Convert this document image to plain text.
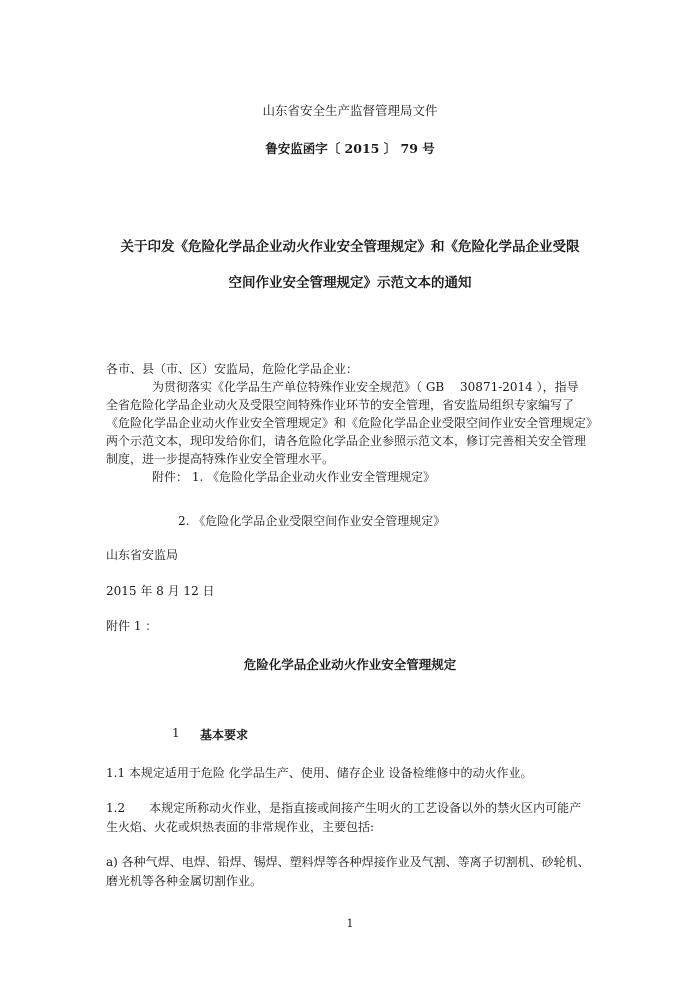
山东省安全生产监督管理局文件
鲁安监函字〔 2015 〕 79 号
关于印发《危险化学品企业动火作业安全管理规定》和《危险化学品企业受限
空间作业安全管理规定》示范文本的通知

各市、县（市、区）安监局，危险化学品企业：

为贯彻落实《化学品生产单位特殊作业安全规范》（ GB　 30871-2014 ），指导

全省危险化学品企业动火及受限空间特殊作业环节的安全管理，省安监局组织专家编写了

《危险化学品企业动火作业安全管理规定》和《危险化学品企业受限空间作业安全管理规定》

两个示范文本，现印发给你们，请各危险化学品企业参照示范文本，修订完善相关安全管理

制度，进一步提高特殊作业安全管理水平。

附件： 1. 《危险化学品企业动火作业安全管理规定》

2. 《危险化学品企业受限空间作业安全管理规定》
山东省安监局
2015 年 8 月 12 日
附件 1 ：
危险化学品企业动火作业安全管理规定
1 基本要求
1.1 本规定适用于危险 化学品生产、使用、储存企业 设备检维修中的动火作业。
1.2　　本规定所称动火作业，是指直接或间接产生明火的工艺设备以外的禁火区内可能产
生火焰、火花或炽热表面的非常规作业，主要包括:
a) 各种气焊、电焊、铅焊、锡焊、塑料焊等各种焊接作业及气割、等离子切割机、砂轮机、
磨光机等各种金属切割作业。
1
